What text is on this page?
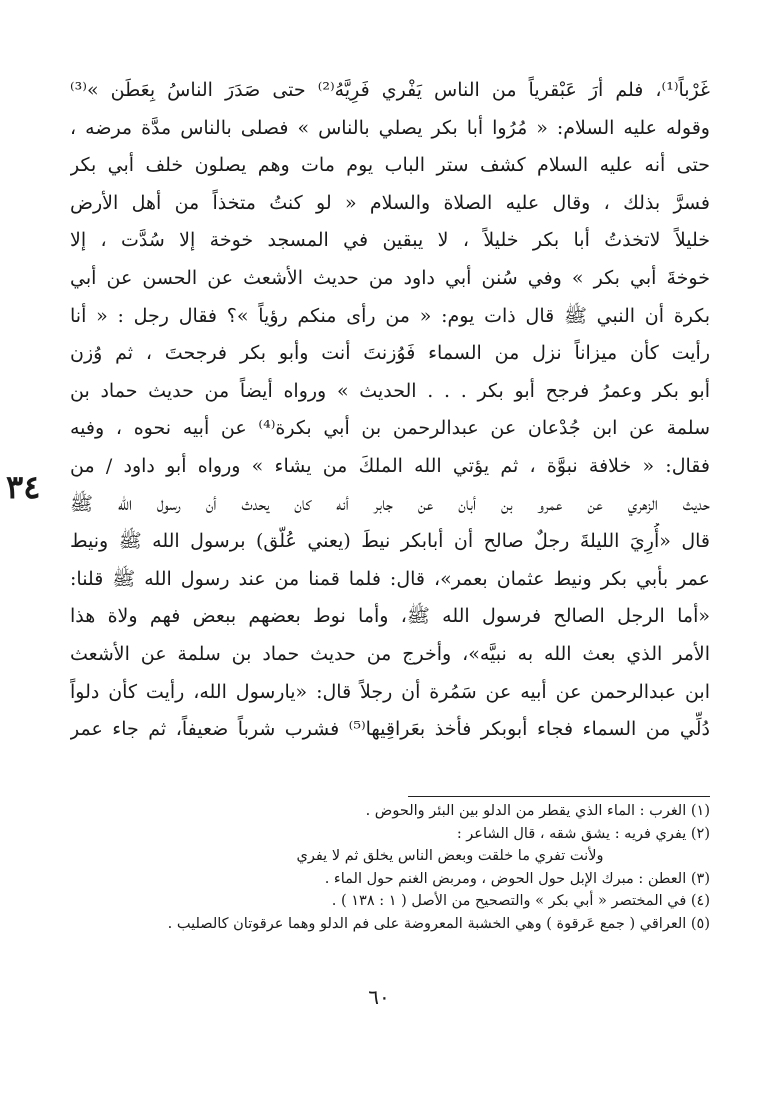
غَرْباً⁽¹⁾، فلم أرَ عَبْقرياً من الناس يَفْري فَرِيَّهُ⁽²⁾ حتى صَدَرَ الناسُ بِعَطَن »⁽³⁾
وقوله عليه السلام: « مُرُوا أبا بكر يصلي بالناس » فصلى بالناس مدَّة مرضه ،
حتى أنه عليه السلام كشف ستر الباب يوم مات وهم يصلون خلف أبي بكر
فسرَّ بذلك ، وقال عليه الصلاة والسلام « لو كنتُ متخذاً من أهل الأرض
خليلاً لاتخذتُ أبا بكر خليلاً ، لا يبقين في المسجد خوخة إلا سُدَّت ، إلا
خوخةَ أبي بكر » وفي سُنن أبي داود من حديث الأشعث عن الحسن عن أبي
بكرة أن النبي ﷺ قال ذات يوم: « من رأى منكم رؤياً »؟ فقال رجل : « أنا
رأيت كأن ميزاناً نزل من السماء فَوُزنتَ أنت وأبو بكر فرجحتَ ، ثم وُزن
أبو بكر وعمرُ فرجح أبو بكر . . . الحديث » ورواه أيضاً من حديث حماد بن
سلمة عن ابن جُدْعان عن عبدالرحمن بن أبي بكرة⁽⁴⁾ عن أبيه نحوه ، وفيه
فقال: « خلافة نبوَّة ، ثم يؤتي الله الملكَ من يشاء » ورواه أبو داود / من
حديث الزهري عن عمرو بن أبان عن جابر أنه كان يحدث أن رسول الله ﷺ
قال «أُرِيَ الليلةَ رجلٌ صالح أن أبابكر نيطَ (يعني عُلّق) برسول الله ﷺ ونيط
عمر بأبي بكر ونيط عثمان بعمر»، قال: فلما قمنا من عند رسول الله ﷺ قلنا:
«أما الرجل الصالح فرسول الله ﷺ، وأما نوط بعضهم ببعض فهم ولاة هذا
الأمر الذي بعث الله به نبيَّه»، وأخرج من حديث حماد بن سلمة عن الأشعث
ابن عبدالرحمن عن أبيه عن سَمُرة أن رجلاً قال: «يارسول الله، رأيت كأن دلواً
دُلِّي من السماء فجاء أبوبكر فأخذ بعَراقِيها⁽⁵⁾ فشرب شرباً ضعيفاً، ثم جاء عمر
٣٤
(١) الغرب : الماء الذي يقطر من الدلو بين البئر والحوض .
(٢) يفري فريه : يشق شقه ، قال الشاعر :
ولأنت تفري ما خلقت وبعض الناس يخلق ثم لا يفري
(٣) العطن : مبرك الإبل حول الحوض ، ومربض الغنم حول الماء .
(٤) في المختصر « أبي بكر » والتصحيح من الأصل ( ١ : ١٣٨ ) .
(٥) العراقي ( جمع عَرقوة ) وهي الخشبة المعروضة على فم الدلو وهما عرقوتان كالصليب .
٦٠
